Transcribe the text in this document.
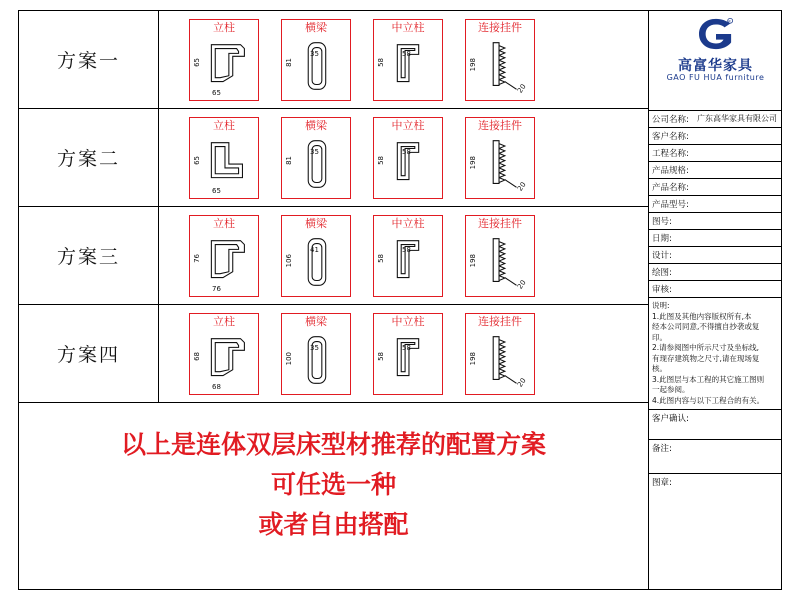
方案一
立柱
65
65
横梁
81
35
中立柱
58
58
连接挂件
198
20
方案二
立柱
65
65
横梁
81
35
中立柱
58
58
连接挂件
198
20
方案三
立柱
76
76
横梁
106
41
中立柱
58
58
连接挂件
198
20
方案四
立柱
68
68
横梁
100
35
中立柱
58
58
连接挂件
198
20
以上是连体双层床型材推荐的配置方案
可任选一种
或者自由搭配
R
高富华家具
GAO FU HUA furniture
公司名称: 广东高华家具有限公司
客户名称:
工程名称:
产品规格:
产品名称:
产品型号:
图号:
日期:
设计:
绘图:
审核:
说明:
1.此图及其他内容版权所有,本
经本公司同意,不得擅自抄袭或复
印。
2.请参阅图中所示尺寸及坐标线,
有现存建筑物之尺寸,请在现场复
核。
3.此图层与本工程的其它施工图则
一起参阅。
4.此图内容与以下工程合的有关。
客户确认:
备注:
图章:
